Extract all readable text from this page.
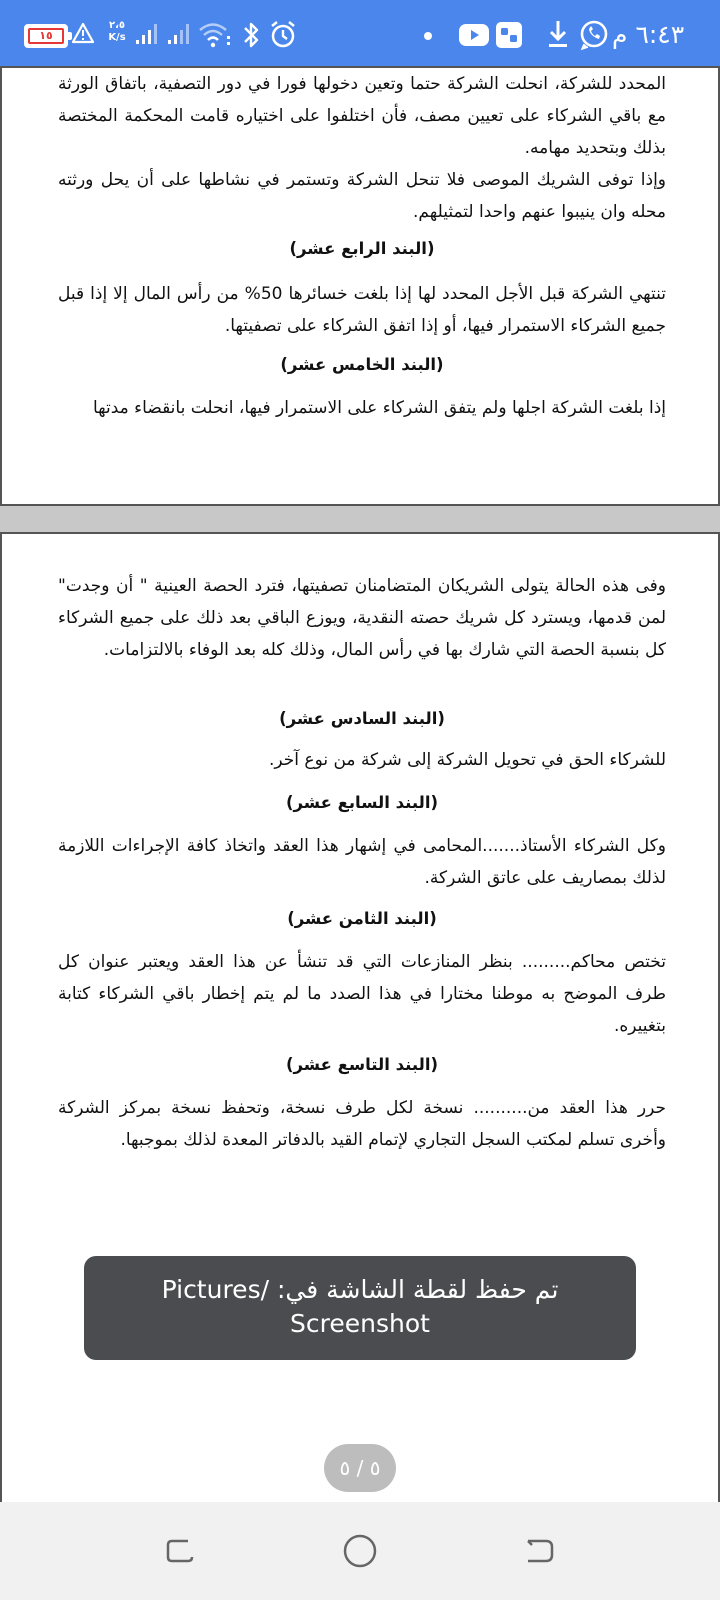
١٥
٢،٥
K/s	٦:٤٣ م

المحدد للشركة، انحلت الشركة حتما وتعين دخولها فورا في دور التصفية، باتفاق الورثة مع باقي الشركاء على تعيين مصف، فأن اختلفوا على اختياره قامت المحكمة المختصة بذلك وبتحديد مهامه.

وإذا توفى الشريك الموصى فلا تنحل الشركة وتستمر في نشاطها على أن يحل ورثته محله وان ينيبوا عنهم واحدا لتمثيلهم.

(البند الرابع عشر)

تنتهي الشركة قبل الأجل المحدد لها إذا بلغت خسائرها 50% من رأس المال إلا إذا قبل جميع الشركاء الاستمرار فيها، أو إذا اتفق الشركاء على تصفيتها.

(البند الخامس عشر)

إذا بلغت الشركة اجلها ولم يتفق الشركاء على الاستمرار فيها، انحلت بانقضاء مدتها

وفى هذه الحالة يتولى الشريكان المتضامنان تصفيتها، فترد الحصة العينية " أن وجدت" لمن قدمها، ويسترد كل شريك حصته النقدية، ويوزع الباقي بعد ذلك على جميع الشركاء كل بنسبة الحصة التي شارك بها في رأس المال، وذلك كله بعد الوفاء بالالتزامات.

(البند السادس عشر)

للشركاء الحق في تحويل الشركة إلى شركة من نوع آخر.

(البند السابع عشر)

وكل الشركاء الأستاذ.......المحامى في إشهار هذا العقد واتخاذ كافة الإجراءات اللازمة لذلك بمصاريف على عاتق الشركة.

(البند الثامن عشر)

تختص محاكم......... بنظر المنازعات التي قد تنشأ عن هذا العقد ويعتبر عنوان كل طرف الموضح به موطنا مختارا في هذا الصدد ما لم يتم إخطار باقي الشركاء كتابة بتغييره.

(البند التاسع عشر)

حرر هذا العقد من.......... نسخة لكل طرف نسخة، وتحفظ نسخة بمركز الشركة وأخرى تسلم لمكتب السجل التجاري لإتمام القيد بالدفاتر المعدة لذلك بموجبها.

تم حفظ لقطة الشاشة في: /Pictures
Screenshot
٥ / ٥
